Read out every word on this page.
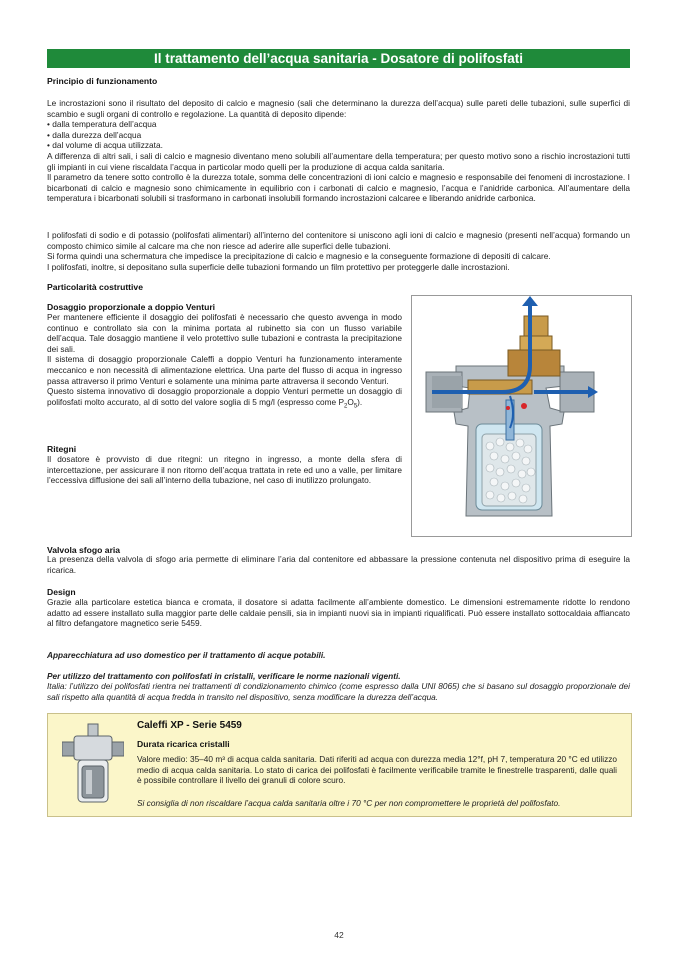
Il trattamento dell’acqua sanitaria - Dosatore di polifosfati
Principio di funzionamento
Le incrostazioni sono il risultato del deposito di calcio e magnesio (sali che determinano la durezza dell’acqua) sulle pareti delle tubazioni, sulle superfici di scambio e sugli organi di controllo e regolazione. La quantità di deposito dipende:
• dalla temperatura dell’acqua
• dalla durezza dell’acqua
• dal volume di acqua utilizzata.
A differenza di altri sali, i sali di calcio e magnesio diventano meno solubili all’aumentare della temperatura; per questo motivo sono a rischio incrostazioni tutti gli impianti in cui viene riscaldata l’acqua in particolar modo quelli per la produzione di acqua calda sanitaria.
Il parametro da tenere sotto controllo è la durezza totale, somma delle concentrazioni di ioni calcio e magnesio e responsabile dei fenomeni di incrostazione. I bicarbonati di calcio e magnesio sono chimicamente in equilibrio con i carbonati di calcio e magnesio, l’acqua e l’anidride carbonica. All’aumentare della temperatura i bicarbonati solubili si trasformano in carbonati insolubili formando incrostazioni calcaree e liberando anidride carbonica.
I polifosfati di sodio e di potassio (polifosfati alimentari) all’interno del contenitore si uniscono agli ioni di calcio e magnesio (presenti nell’acqua) formando un composto chimico simile al calcare ma che non riesce ad aderire alle superfici delle tubazioni.
Si forma quindi una schermatura che impedisce la precipitazione di calcio e magnesio e la conseguente formazione di depositi di calcare.
I polifosfati, inoltre, si depositano sulla superficie delle tubazioni formando un film protettivo per proteggerle dalle incrostazioni.
Particolarità costruttive
Dosaggio proporzionale a doppio Venturi
Per mantenere efficiente il dosaggio dei polifosfati è necessario che questo avvenga in modo continuo e controllato sia con la minima portata al rubinetto sia con un flusso variabile dell’acqua. Tale dosaggio mantiene il velo protettivo sulle tubazioni e contrasta la precipitazione dei sali.
Il sistema di dosaggio proporzionale Caleffi a doppio Venturi ha funzionamento interamente meccanico e non necessità di alimentazione elettrica. Una parte del flusso di acqua in ingresso passa attraverso il primo Venturi e solamente una minima parte attraversa il secondo Venturi.
Questo sistema innovativo di dosaggio proporzionale a doppio Venturi permette un dosaggio di polifosfati molto accurato, al di sotto del valore soglia di 5 mg/l (espresso come $P_2O_5$).
Ritegni
Il dosatore è provvisto di due ritegni: un ritegno in ingresso, a monte della sfera di intercettazione, per assicurare il non ritorno dell’acqua trattata in rete ed uno a valle, per limitare l’eccessiva diffusione dei sali all’interno della tubazione, nel caso di inutilizzo prolungato.
Valvola sfogo aria
La presenza della valvola di sfogo aria permette di eliminare l’aria dal contenitore ed abbassare la pressione contenuta nel dispositivo prima di eseguire la ricarica.
Design
Grazie alla particolare estetica bianca e cromata, il dosatore si adatta facilmente all’ambiente domestico. Le dimensioni estremamente ridotte lo rendono adatto ad essere installato sulla maggior parte delle caldaie pensili, sia in impianti nuovi sia in impianti riqualificati. Può essere installato sottocaldaia affiancato al filtro defangatore magnetico serie 5459.
Apparecchiatura ad uso domestico per il trattamento di acque potabili.
Per utilizzo del trattamento con polifosfati in cristalli, verificare le norme nazionali vigenti.
Italia: l’utilizzo dei polifosfati rientra nei trattamenti di condizionamento chimico (come espresso dalla UNI 8065) che si basano sul dosaggio proporzionale dei sali rispetto alla quantità di acqua fredda in transito nel dispositivo, senza modificare la durezza dell’acqua.
Caleffi XP - Serie 5459
Durata ricarica cristalli
Valore medio: 35–40 m³ di acqua calda sanitaria. Dati riferiti ad acqua con durezza media 12°f, pH 7, temperatura 20 °C ed utilizzo medio di acqua calda sanitaria. Lo stato di carica dei polifosfati è facilmente verificabile tramite le finestrelle trasparenti, dalle quali è possibile controllare il livello dei granuli di colore scuro.
Si consiglia di non riscaldare l’acqua calda sanitaria oltre i 70 °C per non compromettere le proprietà del polifosfato.
42
